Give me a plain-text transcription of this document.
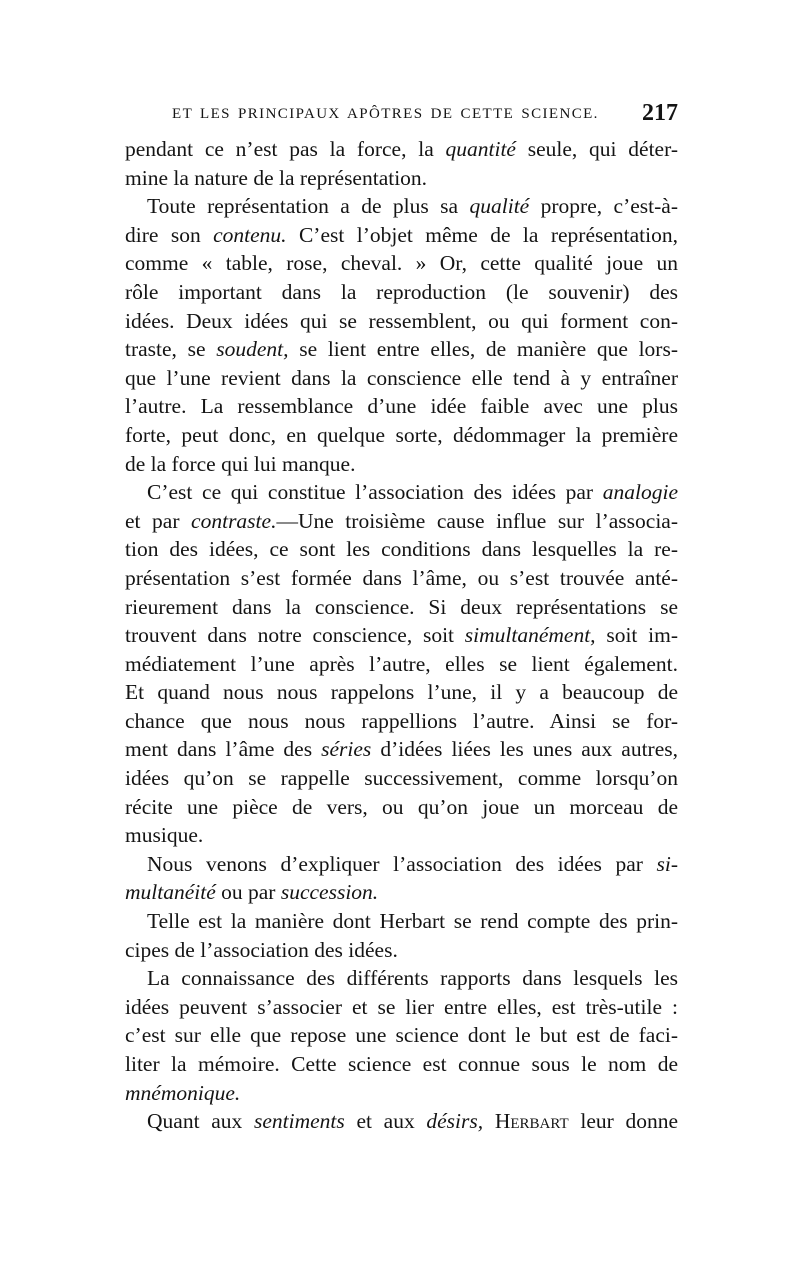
ET LES PRINCIPAUX APÔTRES DE CETTE SCIENCE. 217
pendant ce n’est pas la force, la quantité seule, qui déter-
mine la nature de la représentation.
Toute représentation a de plus sa qualité propre, c’est-à-
dire son contenu. C’est l’objet même de la représentation,
comme « table, rose, cheval. » Or, cette qualité joue un
rôle important dans la reproduction (le souvenir) des
idées. Deux idées qui se ressemblent, ou qui forment con-
traste, se soudent, se lient entre elles, de manière que lors-
que l’une revient dans la conscience elle tend à y entraîner
l’autre. La ressemblance d’une idée faible avec une plus
forte, peut donc, en quelque sorte, dédommager la première
de la force qui lui manque.
C’est ce qui constitue l’association des idées par analogie
et par contraste.—Une troisième cause influe sur l’associa-
tion des idées, ce sont les conditions dans lesquelles la re-
présentation s’est formée dans l’âme, ou s’est trouvée anté-
rieurement dans la conscience. Si deux représentations se
trouvent dans notre conscience, soit simultanément, soit im-
médiatement l’une après l’autre, elles se lient également.
Et quand nous nous rappelons l’une, il y a beaucoup de
chance que nous nous rappellions l’autre. Ainsi se for-
ment dans l’âme des séries d’idées liées les unes aux autres,
idées qu’on se rappelle successivement, comme lorsqu’on
récite une pièce de vers, ou qu’on joue un morceau de
musique.
Nous venons d’expliquer l’association des idées par si-
multanéité ou par succession.
Telle est la manière dont Herbart se rend compte des prin-
cipes de l’association des idées.
La connaissance des différents rapports dans lesquels les
idées peuvent s’associer et se lier entre elles, est très-utile :
c’est sur elle que repose une science dont le but est de faci-
liter la mémoire. Cette science est connue sous le nom de
mnémonique.
Quant aux sentiments et aux désirs, Herbart leur donne
